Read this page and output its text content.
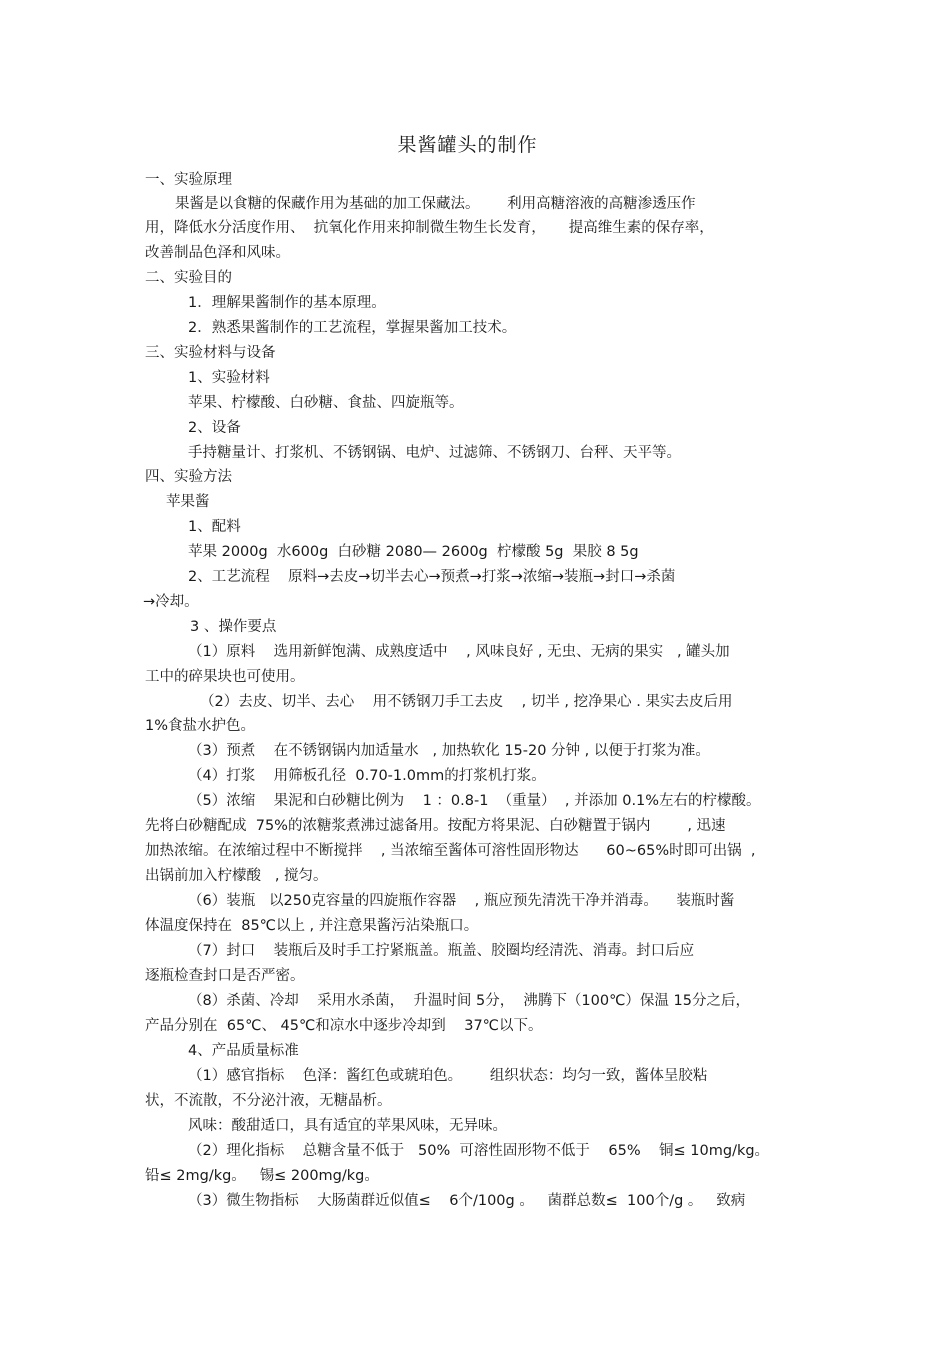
果酱罐头的制作

一、实验原理

果酱是以食糖的保藏作用为基础的加工保藏法。      利用高糖溶液的高糖渗透压作

用，降低水分活度作用、  抗氧化作用来抑制微生物生长发育，     提高维生素的保存率，

改善制品色泽和风味。

二、实验目的

1．理解果酱制作的基本原理。

2．熟悉果酱制作的工艺流程，掌握果酱加工技术。

三、实验材料与设备

1、实验材料

苹果、柠檬酸、白砂糖、食盐、四旋瓶等。

2、设备

手持糖量计、打浆机、不锈钢锅、电炉、过滤筛、不锈钢刀、台秤、天平等。

四、实验方法

苹果酱

1、配料

苹果 2000g  水600g  白砂糖 2080— 2600g  柠檬酸 5g  果胶 8 5g

2、工艺流程    原料→去皮→切半去心→预煮→打浆→浓缩→装瓶→封口→杀菌

→冷却。

3 、操作要点

（1）原料    选用新鲜饱满、成熟度适中    , 风味良好 , 无虫、无病的果实   , 罐头加

工中的碎果块也可使用。

（2）去皮、切半、去心    用不锈钢刀手工去皮    , 切半 , 挖净果心 . 果实去皮后用

1%食盐水护色。

（3）预煮    在不锈钢锅内加适量水   , 加热软化 15-20 分钟 , 以便于打浆为准。

（4）打浆    用筛板孔径  0.70-1.0mm的打浆机打浆。

（5）浓缩    果泥和白砂糖比例为    1 ：0.8-1  （重量）  , 并添加 0.1%左右的柠檬酸。

先将白砂糖配成  75%的浓糖浆煮沸过滤备用。按配方将果泥、白砂糖置于锅内        , 迅速

加热浓缩。在浓缩过程中不断搅拌    , 当浓缩至酱体可溶性固形物达      60~65%时即可出锅  ,

出锅前加入柠檬酸   , 搅匀。

（6）装瓶   以250克容量的四旋瓶作容器    , 瓶应预先清洗干净并消毒。    装瓶时酱

体温度保持在  85℃以上 , 并注意果酱污沾染瓶口。

（7）封口    装瓶后及时手工拧紧瓶盖。瓶盖、胶圈均经清洗、消毒。封口后应

逐瓶检查封口是否严密。

（8）杀菌、冷却    采用水杀菌，  升温时间 5分，  沸腾下（100℃）保温 15分之后，

产品分别在  65℃、 45℃和凉水中逐步冷却到    37℃以下。

4、产品质量标准

（1）感官指标    色泽：酱红色或琥珀色。      组织状态：均匀一致，酱体呈胶粘

状，不流散，不分泌汁液，无糖晶析。

风味：酸甜适口，具有适宜的苹果风味，无异味。

（2）理化指标    总糖含量不低于   50%  可溶性固形物不低于    65%    铜≤ 10mg/kg。

铅≤ 2mg/kg。   锡≤ 200mg/kg。

（3）微生物指标    大肠菌群近似值≤    6个/100g 。   菌群总数≤  100个/g 。   致病
